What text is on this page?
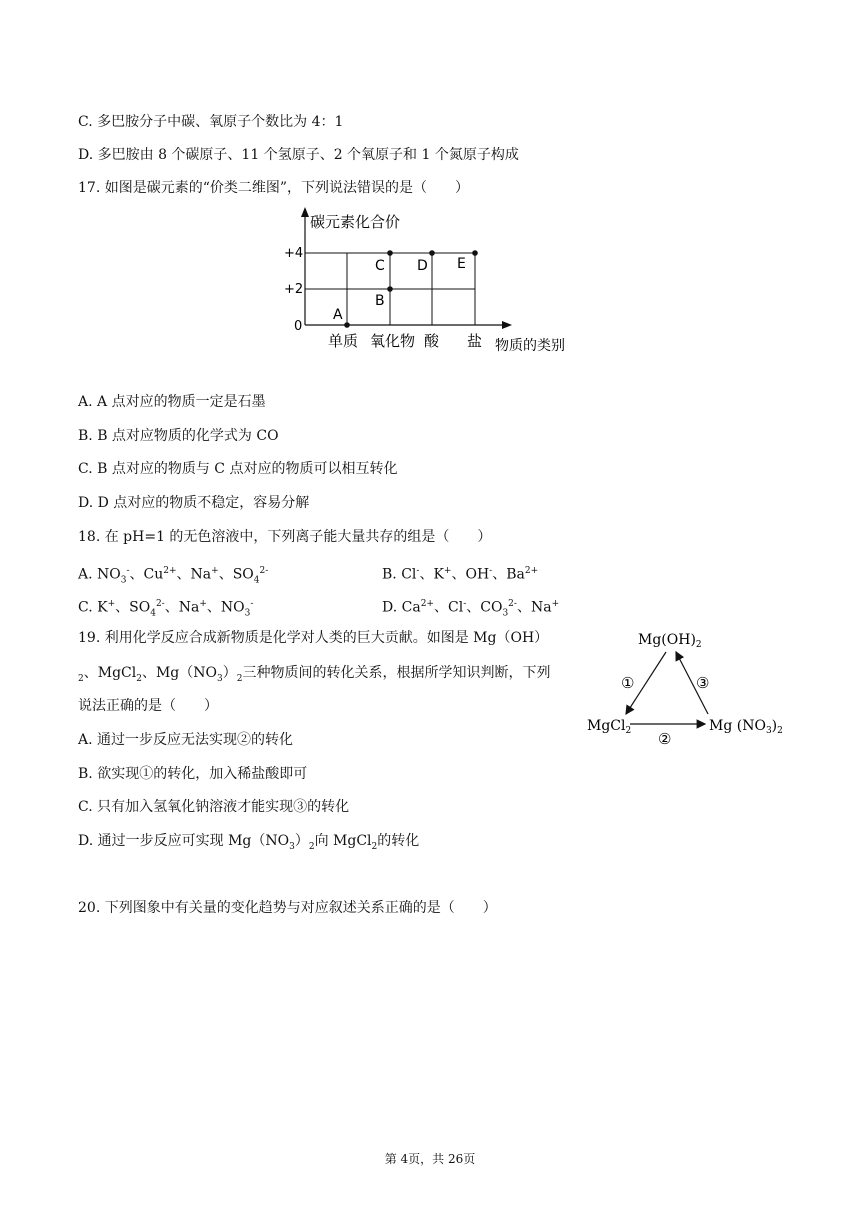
C. 多巴胺分子中碳、氧原子个数比为 4：1
D. 多巴胺由 8 个碳原子、11 个氢原子、2 个氧原子和 1 个氮原子构成
17. 如图是碳元素的“价类二维图”，下列说法错误的是（　　）
碳元素化合价
物质的类别
+4
+2
0
单质 氧化物 酸 盐
A
B
C D E
A. A 点对应的物质一定是石墨
B. B 点对应物质的化学式为 CO
C. B 点对应的物质与 C 点对应的物质可以相互转化
D. D 点对应的物质不稳定，容易分解
18. 在 pH=1 的无色溶液中，下列离子能大量共存的组是（　　）
A. $NO_3^-$、$Cu^{2+}$、Na+、$SO_4^{2-}$	B. Cl-、K+、OH-、$Ba^{2+}$
C. K+、$SO_4^{2-}$、Na+、$NO_3^-$	D. $Ca^{2+}$、Cl-、$CO_3^{2-}$、Na+
19. 利用化学反应合成新物质是化学对人类的巨大贡献。如图是 Mg（OH）
$_2$、MgCl$_2$、$Mg(NO_3)_2$三种物质间的转化关系，根据所学知识判断，下列
说法正确的是（　　）
A. 通过一步反应无法实现②的转化
B. 欲实现①的转化，加入稀盐酸即可
C. 只有加入氢氧化钠溶液才能实现③的转化
D. 通过一步反应可实现 $Mg(NO_3)_2$向 MgCl$_2$的转化
$Mg(OH)_2$
MgCl$_2$	Mg $(NO_3)_2$
①
②
③
20. 下列图象中有关量的变化趋势与对应叙述关系正确的是（　　）
第 4页，共 26页
